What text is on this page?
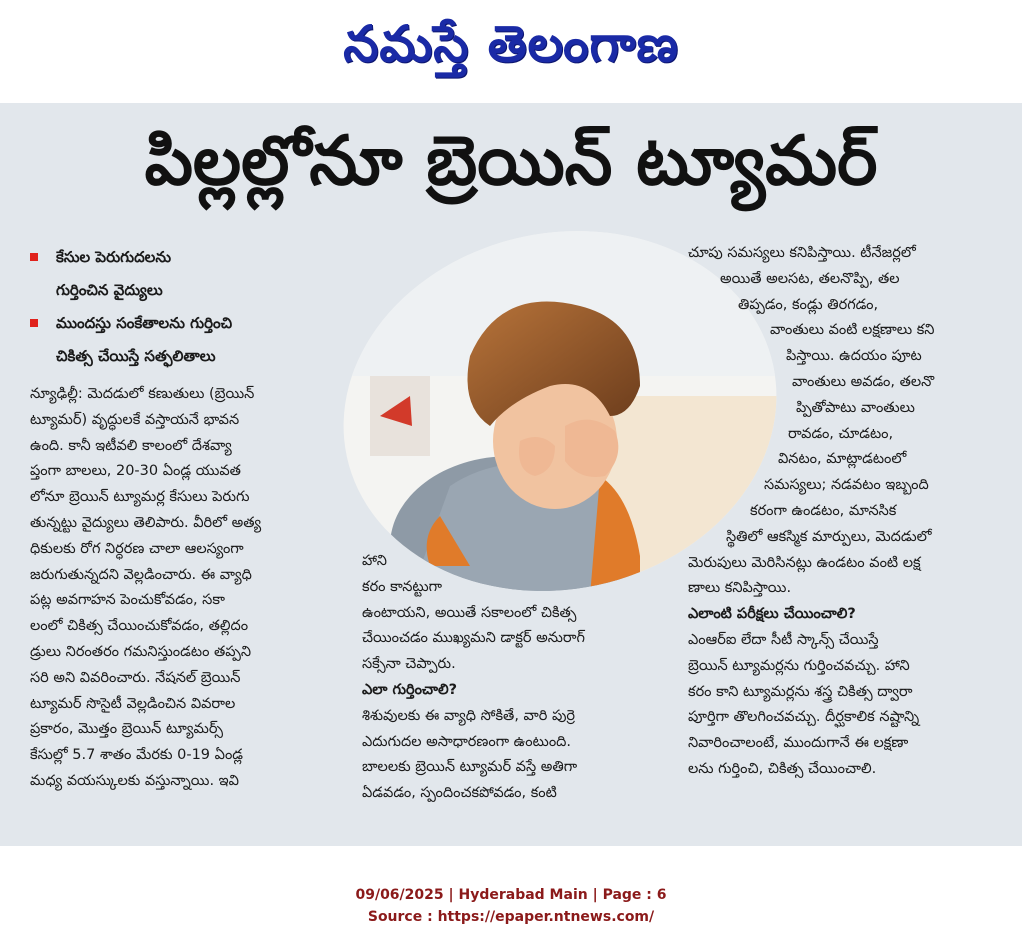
నమస్తే తెలంగాణ
పిల్లల్లోనూ బ్రెయిన్ ట్యూమర్
కేసుల పెరుగుదలను
గుర్తించిన వైద్యులు
ముందస్తు సంకేతాలను గుర్తించి
చికిత్స చేయిస్తే సత్ఫలితాలు
న్యూఢిల్లీ: మెదడులో కణుతులు (బ్రెయిన్
ట్యూమర్) వృద్ధులకే వస్తాయనే భావన
ఉంది. కానీ ఇటీవలి కాలంలో దేశవ్యా
ప్తంగా బాలలు, 20-30 ఏండ్ల యువత
లోనూ బ్రెయిన్ ట్యూమర్ల కేసులు పెరుగు
తున్నట్టు వైద్యులు తెలిపారు. వీరిలో అత్య
ధికులకు రోగ నిర్ధరణ చాలా ఆలస్యంగా
జరుగుతున్నదని వెల్లడించారు. ఈ వ్యాధి
పట్ల అవగాహన పెంచుకోవడం, సకా
లంలో చికిత్స చేయించుకోవడం, తల్లిదం
డ్రులు నిరంతరం గమనిస్తుండటం తప్పని
సరి అని వివరించారు. నేషనల్ బ్రెయిన్
ట్యూమర్ సొసైటీ వెల్లడించిన వివరాల
ప్రకారం, మొత్తం బ్రెయిన్ ట్యూమర్స్
కేసుల్లో 5.7 శాతం మేరకు 0-19 ఏండ్ల
మధ్య వయస్కులకు వస్తున్నాయి. ఇవి
హాని
కరం కానట్టుగా
ఉంటాయని, అయితే సకాలంలో చికిత్స
చేయించడం ముఖ్యమని డాక్టర్ అనురాగ్
సక్సేనా చెప్పారు.
ఎలా గుర్తించాలి?
శిశువులకు ఈ వ్యాధి సోకితే, వారి పుర్రె
ఎదుగుదల అసాధారణంగా ఉంటుంది.
బాలలకు బ్రెయిన్ ట్యూమర్ వస్తే అతిగా
ఏడవడం, స్పందించకపోవడం, కంటి
చూపు సమస్యలు కనిపిస్తాయి. టీనేజర్లలో
అయితే అలసట, తలనొప్పి, తల
తిప్పడం, కండ్లు తిరగడం,
వాంతులు వంటి లక్షణాలు కని
పిస్తాయి. ఉదయం పూట
వాంతులు అవడం, తలనొ
ప్పితోపాటు వాంతులు
రావడం, చూడటం,
వినటం, మాట్లాడటంలో
సమస్యలు; నడవటం ఇబ్బంది
కరంగా ఉండటం, మానసిక
స్థితిలో ఆకస్మిక మార్పులు, మెదడులో
మెరుపులు మెరిసినట్లు ఉండటం వంటి లక్ష
ణాలు కనిపిస్తాయి.
ఎలాంటి పరీక్షలు చేయించాలి?
ఎంఆర్ఐ లేదా సీటీ స్కాన్స్ చేయిస్తే
బ్రెయిన్ ట్యూమర్లను గుర్తించవచ్చు. హాని
కరం కాని ట్యూమర్లను శస్త్ర చికిత్స ద్వారా
పూర్తిగా తొలగించవచ్చు. దీర్ఘకాలిక నష్టాన్ని
నివారించాలంటే, ముందుగానే ఈ లక్షణా
లను గుర్తించి, చికిత్స చేయించాలి.
09/06/2025 | Hyderabad Main | Page : 6
Source : https://epaper.ntnews.com/
